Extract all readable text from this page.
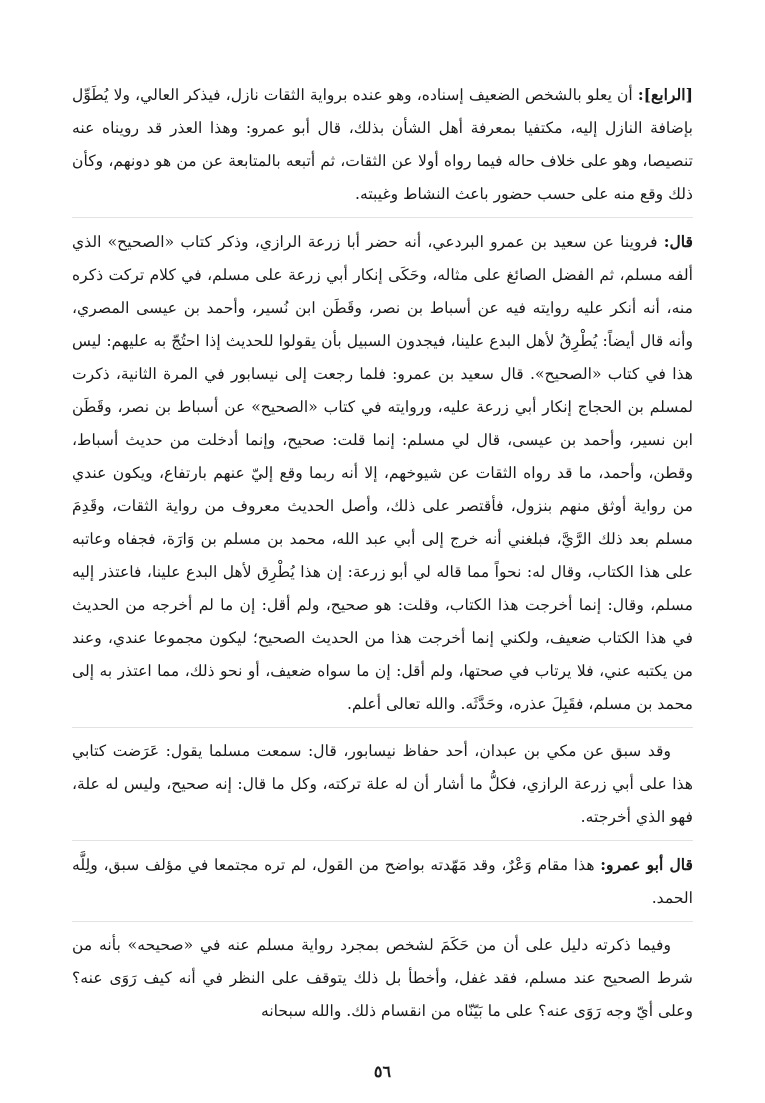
[الرابع]: أن يعلو بالشخص الضعيف إسناده، وهو عنده برواية الثقات نازل، فيذكر العالي، ولا يُطَوِّل بإضافة النازل إليه، مكتفيا بمعرفة أهل الشأن بذلك، قال أبو عمرو: وهذا العذر قد رويناه عنه تنصيصا، وهو على خلاف حاله فيما رواه أولا عن الثقات، ثم أتبعه بالمتابعة عن من هو دونهم، وكأن ذلك وقع منه على حسب حضور باعث النشاط وغيبته.

قال: فروينا عن سعيد بن عمرو البردعي، أنه حضر أبا زرعة الرازي، وذكر كتاب «الصحيح» الذي ألفه مسلم، ثم الفضل الصائغ على مثاله، وحَكَى إنكار أبي زرعة على مسلم، في كلام تركت ذكره منه، أنه أنكر عليه روايته فيه عن أسباط بن نصر، وقَطَن ابن نُسير، وأحمد بن عيسى المصري، وأنه قال أيضاً: يُطْرِقُ لأهل البدع علينا، فيجدون السبيل بأن يقولوا للحديث إذا احتُجّ به عليهم: ليس هذا في كتاب «الصحيح». قال سعيد بن عمرو: فلما رجعت إلى نيسابور في المرة الثانية، ذكرت لمسلم بن الحجاج إنكار أبي زرعة عليه، وروايته في كتاب «الصحيح» عن أسباط بن نصر، وقَطَن ابن نسير، وأحمد بن عيسى، قال لي مسلم: إنما قلت: صحيح، وإنما أدخلت من حديث أسباط، وقطن، وأحمد، ما قد رواه الثقات عن شيوخهم، إلا أنه ربما وقع إليّ عنهم بارتفاع، ويكون عندي من رواية أوثق منهم بنزول، فأقتصر على ذلك، وأصل الحديث معروف من رواية الثقات، وقَدِمَ مسلم بعد ذلك الرَّيَّ، فبلغني أنه خرج إلى أبي عبد الله، محمد بن مسلم بن وَارَة، فجفاه وعاتبه على هذا الكتاب، وقال له: نحواً مما قاله لي أبو زرعة: إن هذا يُطْرِق لأهل البدع علينا، فاعتذر إليه مسلم، وقال: إنما أخرجت هذا الكتاب، وقلت: هو صحيح، ولم أقل: إن ما لم أخرجه من الحديث في هذا الكتاب ضعيف، ولكني إنما أخرجت هذا من الحديث الصحيح؛ ليكون مجموعا عندي، وعند من يكتبه عني، فلا يرتاب في صحتها، ولم أقل: إن ما سواه ضعيف، أو نحو ذلك، مما اعتذر به إلى محمد بن مسلم، فقَبِلَ عذره، وحَدَّثَه. والله تعالى أعلم.

وقد سبق عن مكي بن عبدان، أحد حفاظ نيسابور، قال: سمعت مسلما يقول: عَرَضت كتابي هذا على أبي زرعة الرازي، فكلُّ ما أشار أن له علة تركته، وكل ما قال: إنه صحيح، وليس له علة، فهو الذي أخرجته.

قال أبو عمرو: هذا مقام وَعْرٌ، وقد مَهّدته بواضح من القول، لم تره مجتمعا في مؤلف سبق، ولِلَّه الحمد.

وفيما ذكرته دليل على أن من حَكَمَ لشخص بمجرد رواية مسلم عنه في «صحيحه» بأنه من شرط الصحيح عند مسلم، فقد غفل، وأخطأ بل ذلك يتوقف على النظر في أنه كيف رَوَى عنه؟ وعلى أيّ وجه رَوَى عنه؟ على ما بَيّنّاه من انقسام ذلك. والله سبحانه

٥٦
